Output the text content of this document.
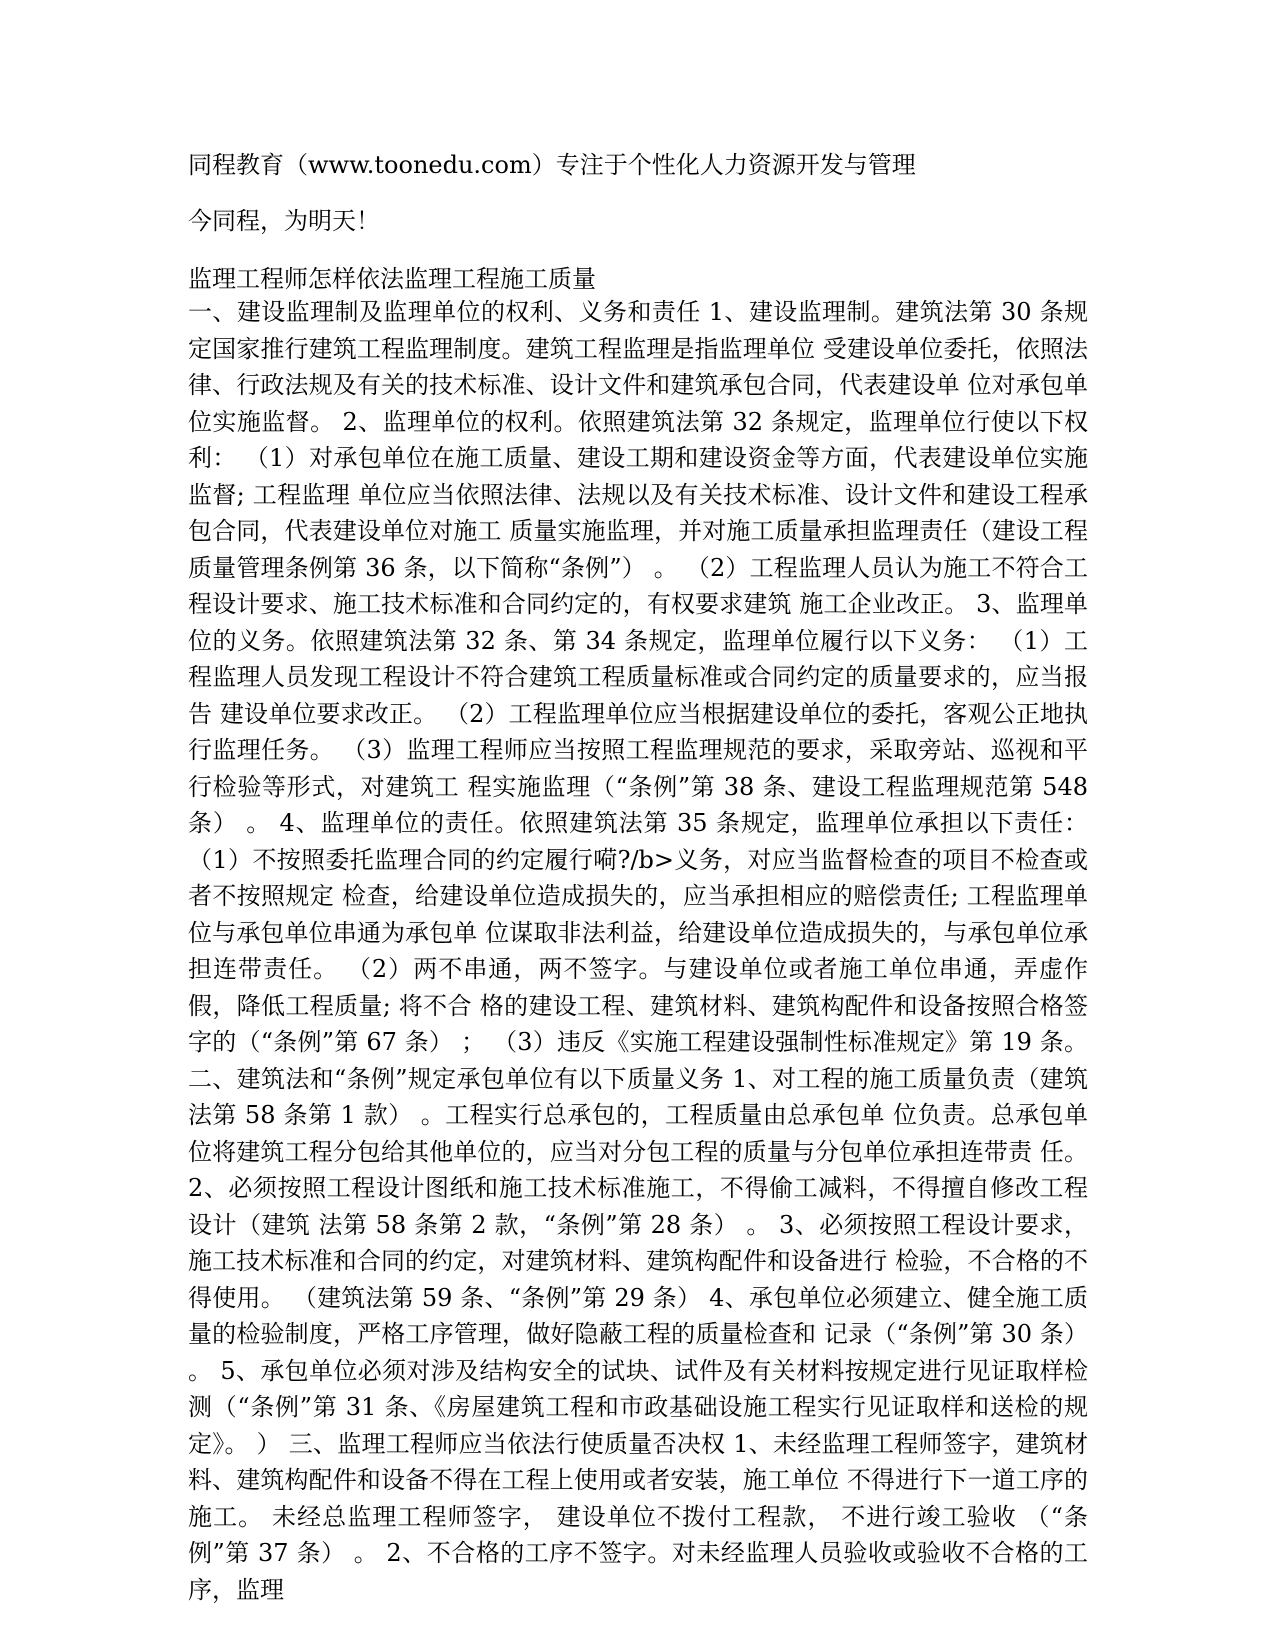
同程教育（www.toonedu.com）专注于个性化人力资源开发与管理
今同程，为明天！
监理工程师怎样依法监理工程施工质量
一、建设监理制及监理单位的权利、义务和责任 1、建设监理制。建筑法第 30 条规定国家推行建筑工程监理制度。建筑工程监理是指监理单位 受建设单位委托，依照法律、行政法规及有关的技术标准、设计文件和建筑承包合同，代表建设单 位对承包单位实施监督。 2、监理单位的权利。依照建筑法第 32 条规定，监理单位行使以下权利： （1）对承包单位在施工质量、建设工期和建设资金等方面，代表建设单位实施监督; 工程监理 单位应当依照法律、法规以及有关技术标准、设计文件和建设工程承包合同，代表建设单位对施工 质量实施监理，并对施工质量承担监理责任（建设工程质量管理条例第 36 条，以下简称“条例”） 。 （2）工程监理人员认为施工不符合工程设计要求、施工技术标准和合同约定的，有权要求建筑 施工企业改正。 3、监理单位的义务。依照建筑法第 32 条、第 34 条规定，监理单位履行以下义务： （1）工程监理人员发现工程设计不符合建筑工程质量标准或合同约定的质量要求的，应当报告 建设单位要求改正。 （2）工程监理单位应当根据建设单位的委托，客观公正地执行监理任务。 （3）监理工程师应当按照工程监理规范的要求，采取旁站、巡视和平行检验等形式，对建筑工 程实施监理（“条例”第 38 条、建设工程监理规范第 548 条） 。 4、监理单位的责任。依照建筑法第 35 条规定，监理单位承担以下责任： （1）不按照委托监理合同的约定履行嗬?/b>义务，对应当监督检查的项目不检查或者不按照规定 检查，给建设单位造成损失的，应当承担相应的赔偿责任; 工程监理单位与承包单位串通为承包单 位谋取非法利益，给建设单位造成损失的，与承包单位承担连带责任。 （2）两不串通，两不签字。与建设单位或者施工单位串通，弄虚作假，降低工程质量; 将不合 格的建设工程、建筑材料、建筑构配件和设备按照合格签字的（“条例”第 67 条） ； （3）违反《实施工程建设强制性标准规定》第 19 条。 二、建筑法和“条例”规定承包单位有以下质量义务 1、对工程的施工质量负责（建筑法第 58 条第 1 款） 。工程实行总承包的，工程质量由总承包单 位负责。总承包单位将建筑工程分包给其他单位的，应当对分包工程的质量与分包单位承担连带责 任。 2、必须按照工程设计图纸和施工技术标准施工，不得偷工减料，不得擅自修改工程设计（建筑 法第 58 条第 2 款，“条例”第 28 条） 。 3、必须按照工程设计要求，施工技术标准和合同的约定，对建筑材料、建筑构配件和设备进行 检验，不合格的不得使用。 （建筑法第 59 条、“条例”第 29 条） 4、承包单位必须建立、健全施工质量的检验制度，严格工序管理，做好隐蔽工程的质量检查和 记录（“条例”第 30 条） 。 5、承包单位必须对涉及结构安全的试块、试件及有关材料按规定进行见证取样检测（“条例”第 31 条、《房屋建筑工程和市政基础设施工程实行见证取样和送检的规定》。 ） 三、监理工程师应当依法行使质量否决权 1、未经监理工程师签字，建筑材料、建筑构配件和设备不得在工程上使用或者安装，施工单位 不得进行下一道工序的施工。 未经总监理工程师签字， 建设单位不拨付工程款， 不进行竣工验收 （“条 例”第 37 条） 。 2、不合格的工序不签字。对未经监理人员验收或验收不合格的工序，监理
